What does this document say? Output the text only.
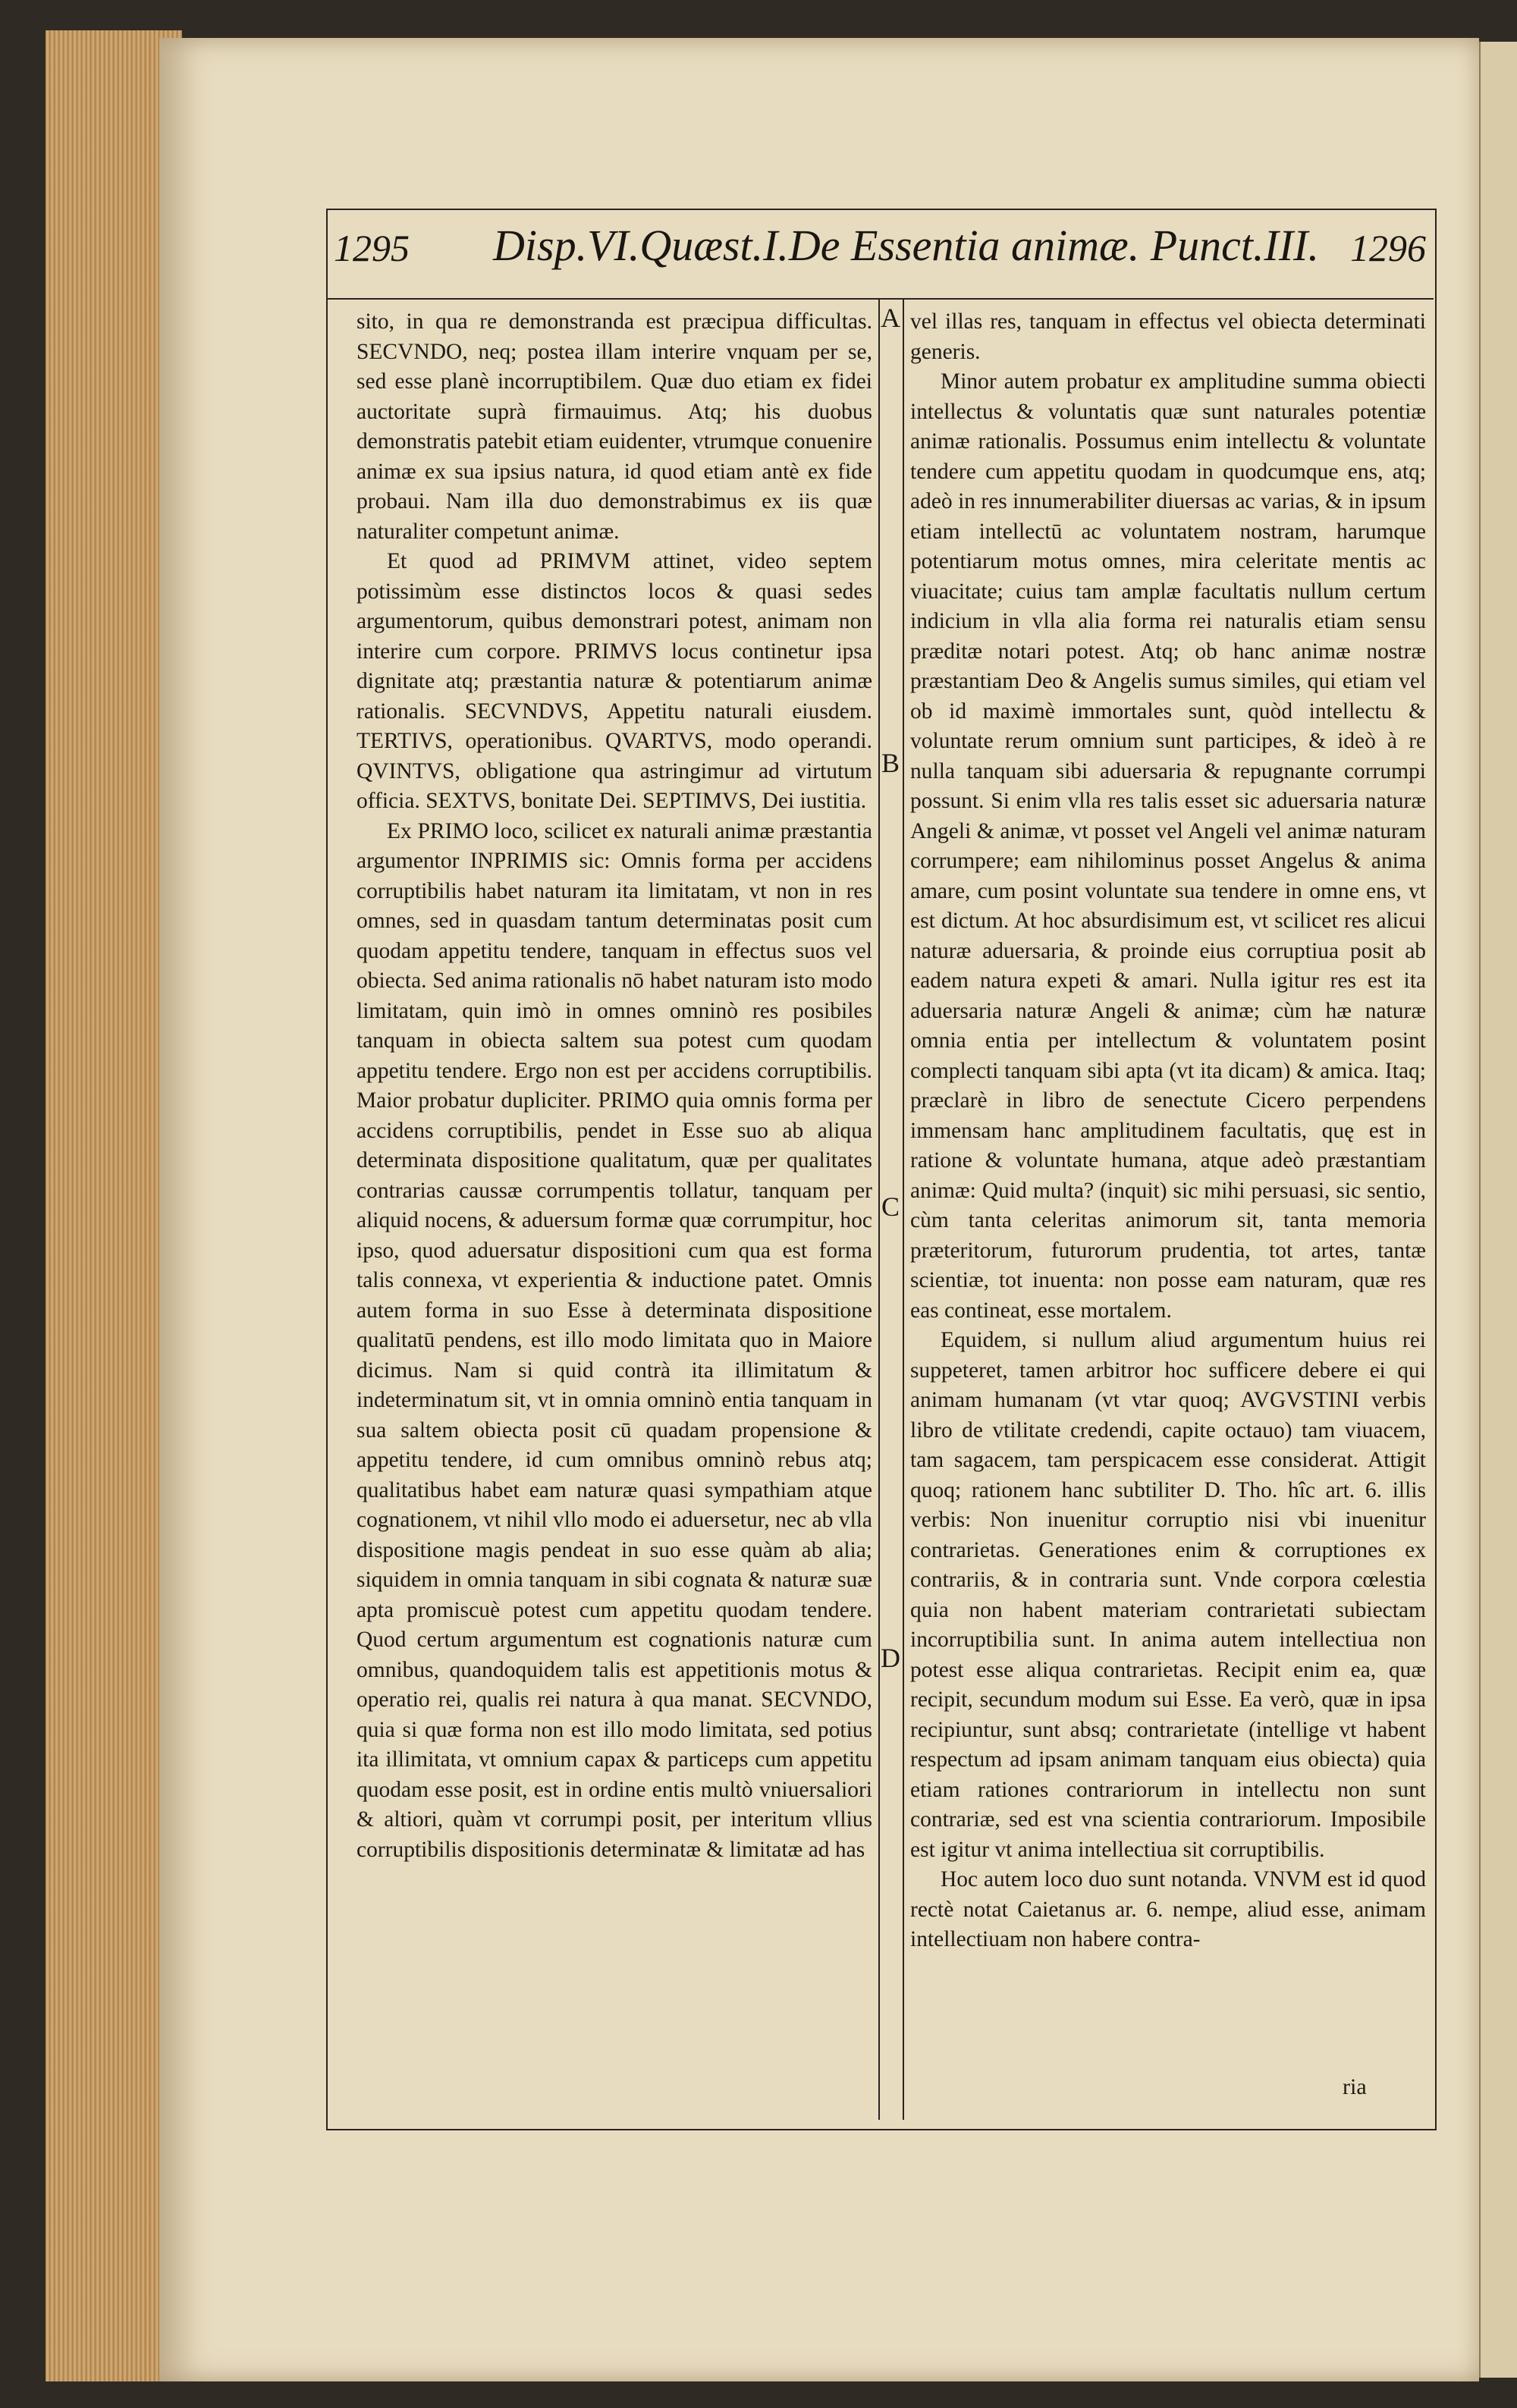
1295 Disp.VI.Quæst.I.De Essentia animæ. Punct.III. 1296

sito, in qua re demonstranda est præcipua difficultas. SECVNDO, neq; postea illam interire vnquam per se, sed esse planè incorruptibilem. Quæ duo etiam ex fidei auctoritate suprà firmauimus. Atq; his duobus demonstratis patebit etiam euidenter, vtrumque conuenire animæ ex sua ipsius natura, id quod etiam antè ex fide probaui. Nam illa duo demonstrabimus ex iis quæ naturaliter competunt animæ.

Et quod ad PRIMVM attinet, video septem potissimùm esse distinctos locos & quasi sedes argumentorum, quibus demonstrari potest, animam non interire cum corpore. PRIMVS locus continetur ipsa dignitate atq; præstantia naturæ & potentiarum animæ rationalis. SECVNDVS, Appetitu naturali eiusdem. TERTIVS, operationibus. QVARTVS, modo operandi. QVINTVS, obligatione qua astringimur ad virtutum officia. SEXTVS, bonitate Dei. SEPTIMVS, Dei iustitia.

Ex PRIMO loco, scilicet ex naturali animæ præstantia argumentor INPRIMIS sic: Omnis forma per accidens corruptibilis habet naturam ita limitatam, vt non in res omnes, sed in quasdam tantum determinatas posit cum quodam appetitu tendere, tanquam in effectus suos vel obiecta. Sed anima rationalis nō habet naturam isto modo limitatam, quin imò in omnes omninò res posibiles tanquam in obiecta saltem sua potest cum quodam appetitu tendere. Ergo non est per accidens corruptibilis. Maior probatur dupliciter. PRIMO quia omnis forma per accidens corruptibilis, pendet in Esse suo ab aliqua determinata dispositione qualitatum, quæ per qualitates contrarias caussæ corrumpentis tollatur, tanquam per aliquid nocens, & aduersum formæ quæ corrumpitur, hoc ipso, quod aduersatur dispositioni cum qua est forma talis connexa, vt experientia & inductione patet. Omnis autem forma in suo Esse à determinata dispositione qualitatū pendens, est illo modo limitata quo in Maiore dicimus. Nam si quid contrà ita illimitatum & indeterminatum sit, vt in omnia omninò entia tanquam in sua saltem obiecta posit cū quadam propensione & appetitu tendere, id cum omnibus omninò rebus atq; qualitatibus habet eam naturæ quasi sympathiam atque cognationem, vt nihil vllo modo ei aduersetur, nec ab vlla dispositione magis pendeat in suo esse quàm ab alia; siquidem in omnia tanquam in sibi cognata & naturæ suæ apta promiscuè potest cum appetitu quodam tendere. Quod certum argumentum est cognationis naturæ cum omnibus, quandoquidem talis est appetitionis motus & operatio rei, qualis rei natura à qua manat. SECVNDO, quia si quæ forma non est illo modo limitata, sed potius ita illimitata, vt omnium capax & particeps cum appetitu quodam esse posit, est in ordine entis multò vniuersaliori & altiori, quàm vt corrumpi posit, per interitum vllius corruptibilis dispositionis determinatæ & limitatæ ad has

A
B
C
D

vel illas res, tanquam in effectus vel obiecta determinati generis.

Minor autem probatur ex amplitudine summa obiecti intellectus & voluntatis quæ sunt naturales potentiæ animæ rationalis. Possumus enim intellectu & voluntate tendere cum appetitu quodam in quodcumque ens, atq; adeò in res innumerabiliter diuersas ac varias, & in ipsum etiam intellectū ac voluntatem nostram, harumque potentiarum motus omnes, mira celeritate mentis ac viuacitate; cuius tam amplæ facultatis nullum certum indicium in vlla alia forma rei naturalis etiam sensu præditæ notari potest. Atq; ob hanc animæ nostræ præstantiam Deo & Angelis sumus similes, qui etiam vel ob id maximè immortales sunt, quòd intellectu & voluntate rerum omnium sunt participes, & ideò à re nulla tanquam sibi aduersaria & repugnante corrumpi possunt. Si enim vlla res talis esset sic aduersaria naturæ Angeli & animæ, vt posset vel Angeli vel animæ naturam corrumpere; eam nihilominus posset Angelus & anima amare, cum posint voluntate sua tendere in omne ens, vt est dictum. At hoc absurdisimum est, vt scilicet res alicui naturæ aduersaria, & proinde eius corruptiua posit ab eadem natura expeti & amari. Nulla igitur res est ita aduersaria naturæ Angeli & animæ; cùm hæ naturæ omnia entia per intellectum & voluntatem posint complecti tanquam sibi apta (vt ita dicam) & amica. Itaq; præclarè in libro de senectute Cicero perpendens immensam hanc amplitudinem facultatis, quę est in ratione & voluntate humana, atque adeò præstantiam animæ: Quid multa? (inquit) sic mihi persuasi, sic sentio, cùm tanta celeritas animorum sit, tanta memoria præteritorum, futurorum prudentia, tot artes, tantæ scientiæ, tot inuenta: non posse eam naturam, quæ res eas contineat, esse mortalem.

Equidem, si nullum aliud argumentum huius rei suppeteret, tamen arbitror hoc sufficere debere ei qui animam humanam (vt vtar quoq; AVGVSTINI verbis libro de vtilitate credendi, capite octauo) tam viuacem, tam sagacem, tam perspicacem esse considerat. Attigit quoq; rationem hanc subtiliter D. Tho. hîc art. 6. illis verbis: Non inuenitur corruptio nisi vbi inuenitur contrarietas. Generationes enim & corruptiones ex contrariis, & in contraria sunt. Vnde corpora cœlestia quia non habent materiam contrarietati subiectam incorruptibilia sunt. In anima autem intellectiua non potest esse aliqua contrarietas. Recipit enim ea, quæ recipit, secundum modum sui Esse. Ea verò, quæ in ipsa recipiuntur, sunt absq; contrarietate (intellige vt habent respectum ad ipsam animam tanquam eius obiecta) quia etiam rationes contrariorum in intellectu non sunt contrariæ, sed est vna scientia contrariorum. Imposibile est igitur vt anima intellectiua sit corruptibilis.

Hoc autem loco duo sunt notanda. VNVM est id quod rectè notat Caietanus ar. 6. nempe, aliud esse, animam intellectiuam non habere contra-

ria
